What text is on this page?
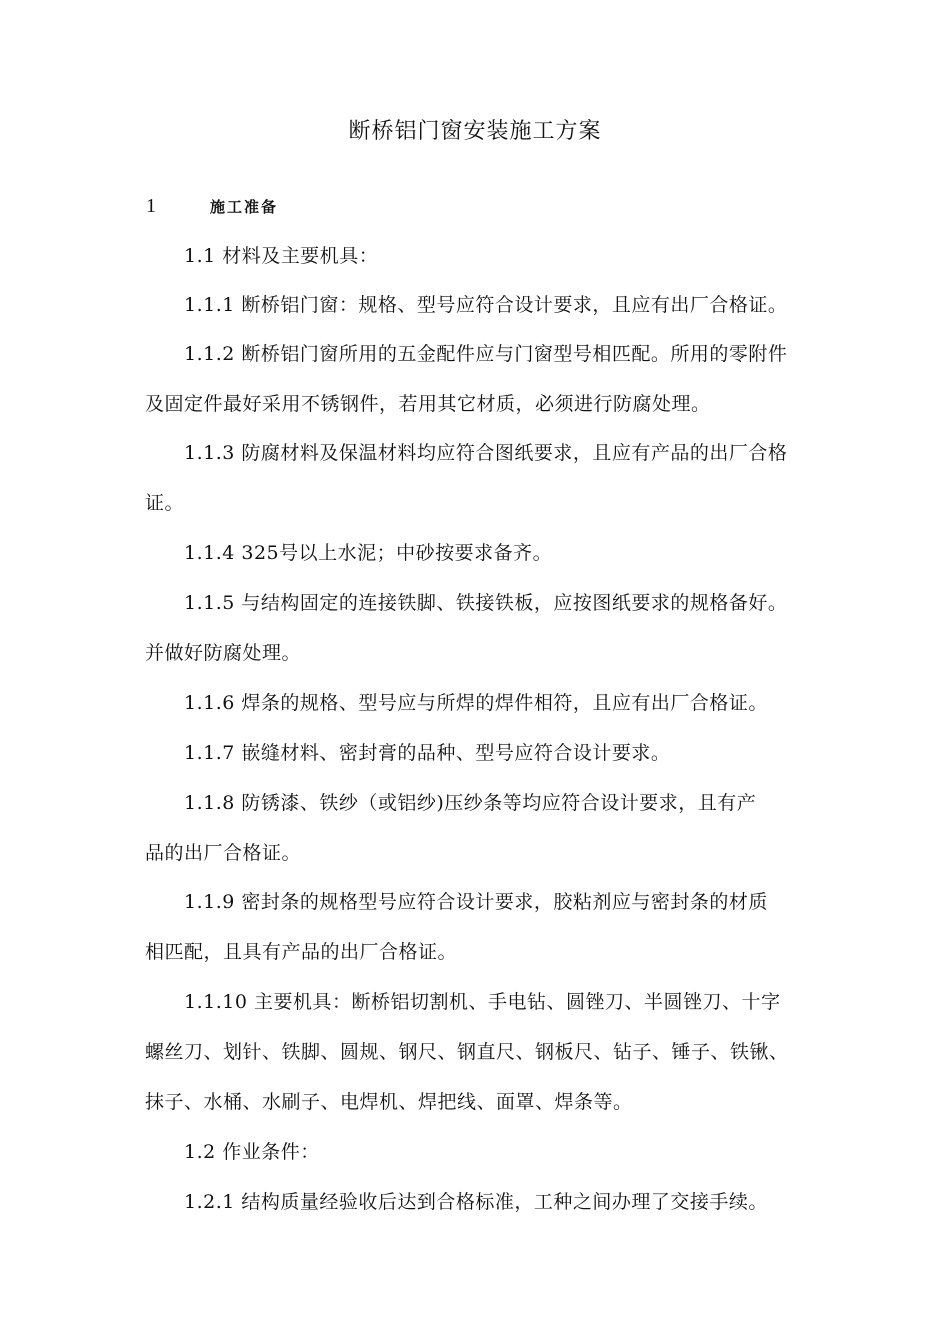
断桥铝门窗安装施工方案
1	施工准备
1.1 材料及主要机具：
1.1.1 断桥铝门窗：规格、型号应符合设计要求，且应有出厂合格证。
1.1.2 断桥铝门窗所用的五金配件应与门窗型号相匹配。所用的零附件
及固定件最好采用不锈钢件，若用其它材质，必须进行防腐处理。
1.1.3 防腐材料及保温材料均应符合图纸要求，且应有产品的出厂合格
证。
1.1.4 325号以上水泥；中砂按要求备齐。
1.1.5 与结构固定的连接铁脚、铁接铁板，应按图纸要求的规格备好。
并做好防腐处理。
1.1.6 焊条的规格、型号应与所焊的焊件相符，且应有出厂合格证。
1.1.7 嵌缝材料、密封膏的品种、型号应符合设计要求。
1.1.8 防锈漆、铁纱（或铝纱)压纱条等均应符合设计要求，且有产
品的出厂合格证。
1.1.9 密封条的规格型号应符合设计要求，胶粘剂应与密封条的材质
相匹配，且具有产品的出厂合格证。
1.1.10 主要机具：断桥铝切割机、手电钻、圆锉刀、半圆锉刀、十字
螺丝刀、划针、铁脚、圆规、钢尺、钢直尺、钢板尺、钻子、锤子、铁锹、
抹子、水桶、水刷子、电焊机、焊把线、面罩、焊条等。
1.2 作业条件：
1.2.1 结构质量经验收后达到合格标准，工种之间办理了交接手续。
